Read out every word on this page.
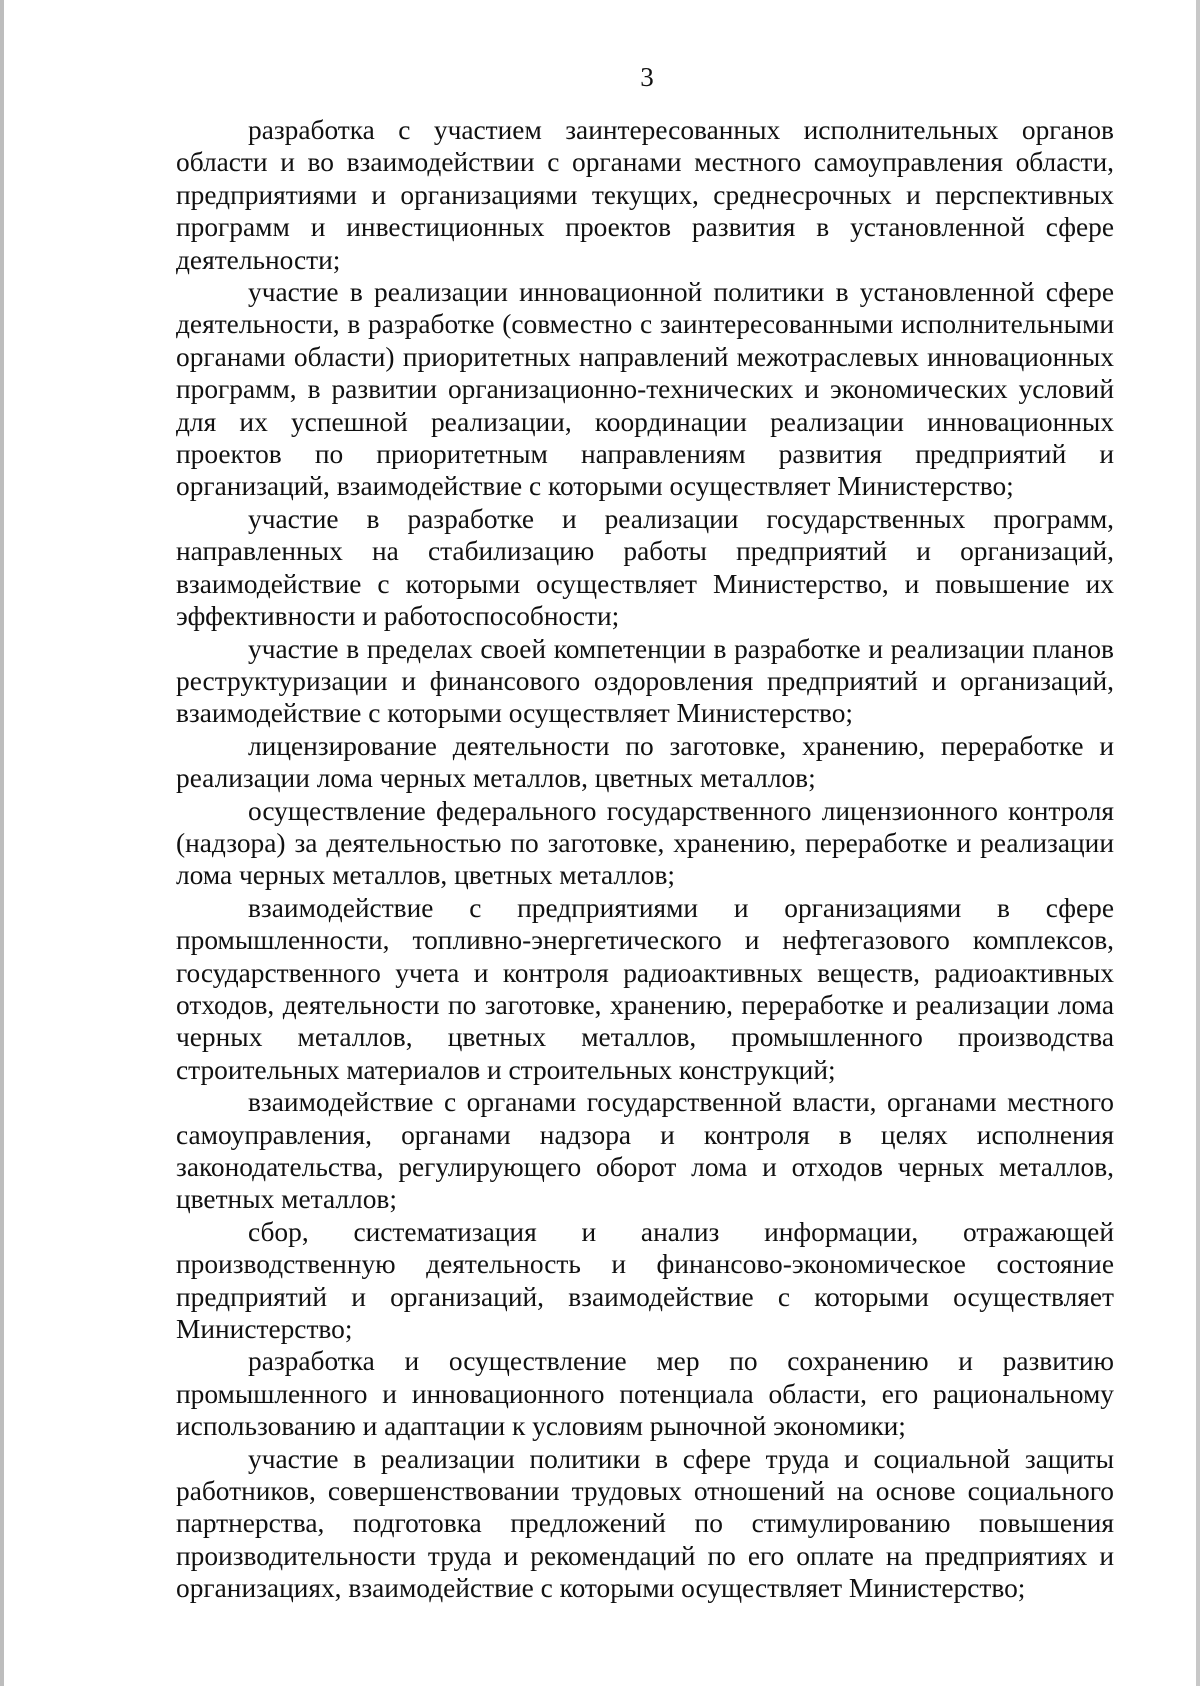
3

разработка с участием заинтересованных исполнительных органов области и во взаимодействии с органами местного самоуправления области, предприятиями и организациями текущих, среднесрочных и перспективных программ и инвестиционных проектов развития в установленной сфере деятельности;

участие в реализации инновационной политики в установленной сфере деятельности, в разработке (совместно с заинтересованными исполнительными органами области) приоритетных направлений межотраслевых инновационных программ, в развитии организационно-технических и экономических условий для их успешной реализации, координации реализации инновационных проектов по приоритетным направлениям развития предприятий и организаций, взаимодействие с которыми осуществляет Министерство;

участие в разработке и реализации государственных программ, направленных на стабилизацию работы предприятий и организаций, взаимодействие с которыми осуществляет Министерство, и повышение их эффективности и работоспособности;

участие в пределах своей компетенции в разработке и реализации планов реструктуризации и финансового оздоровления предприятий и организаций, взаимодействие с которыми осуществляет Министерство;

лицензирование деятельности по заготовке, хранению, переработке и реализации лома черных металлов, цветных металлов;

осуществление федерального государственного лицензионного контроля (надзора) за деятельностью по заготовке, хранению, переработке и реализации лома черных металлов, цветных металлов;

взаимодействие с предприятиями и организациями в сфере промышленности, топливно-энергетического и нефтегазового комплексов, государственного учета и контроля радиоактивных веществ, радиоактивных отходов, деятельности по заготовке, хранению, переработке и реализации лома черных металлов, цветных металлов, промышленного производства строительных материалов и строительных конструкций;

взаимодействие с органами государственной власти, органами местного самоуправления, органами надзора и контроля в целях исполнения законодательства, регулирующего оборот лома и отходов черных металлов, цветных металлов;

сбор, систематизация и анализ информации, отражающей производственную деятельность и финансово-экономическое состояние предприятий и организаций, взаимодействие с которыми осуществляет Министерство;

разработка и осуществление мер по сохранению и развитию промышленного и инновационного потенциала области, его рациональному использованию и адаптации к условиям рыночной экономики;

участие в реализации политики в сфере труда и социальной защиты работников, совершенствовании трудовых отношений на основе социального партнерства, подготовка предложений по стимулированию повышения производительности труда и рекомендаций по его оплате на предприятиях и организациях, взаимодействие с которыми осуществляет Министерство;
